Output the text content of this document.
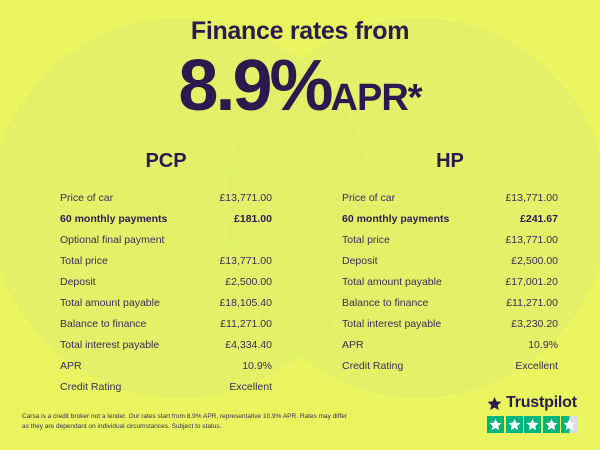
Finance rates from
8.9%APR*
PCP
Price of car	£13,771.00
60 monthly payments	£181.00
Optional final payment
Total price	£13,771.00
Deposit	£2,500.00
Total amount payable	£18,105.40
Balance to finance	£11,271.00
Total interest payable	£4,334.40
APR	10.9%
Credit Rating	Excellent
HP
Price of car	£13,771.00
60 monthly payments	£241.67
Total price	£13,771.00
Deposit	£2,500.00
Total amount payable	£17,001.20
Balance to finance	£11,271.00
Total interest payable	£3,230.20
APR	10.9%
Credit Rating	Excellent
Carsa is a credit broker not a lender. Our rates start from 8.9% APR, representative 10.9% APR. Rates may differ as they are dependant on individual circumstances. Subject to status.
Trustpilot
